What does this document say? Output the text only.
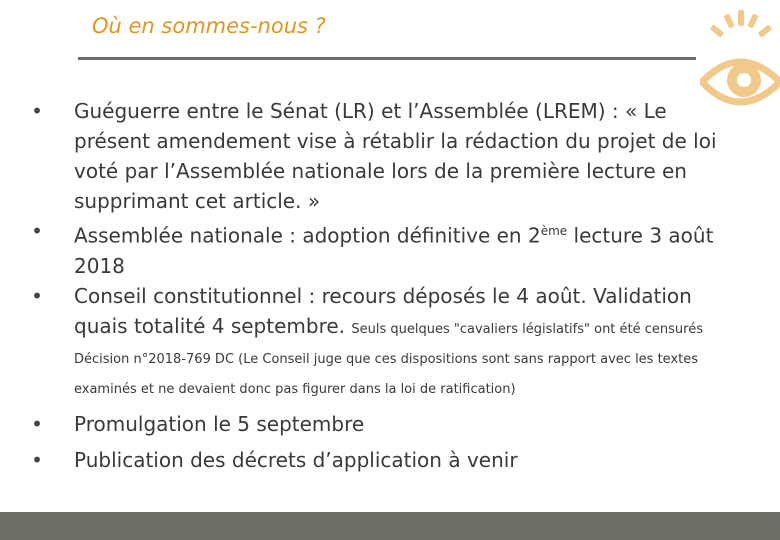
Où en sommes-nous ?
• Guéguerre entre le Sénat (LR) et l’Assemblée (LREM) : « Le présent amendement vise à rétablir la rédaction du projet de loi voté par l’Assemblée nationale lors de la première lecture en supprimant cet article. »
• Assemblée nationale : adoption définitive en 2ème lecture 3 août 2018
• Conseil constitutionnel : recours déposés le 4 août. Validation quais totalité 4 septembre. Seuls quelques "cavaliers législatifs" ont été censurés Décision n°2018-769 DC (Le Conseil juge que ces dispositions sont sans rapport avec les textes examinés et ne devaient donc pas figurer dans la loi de ratification)
• Promulgation le 5 septembre
• Publication des décrets d’application à venir
